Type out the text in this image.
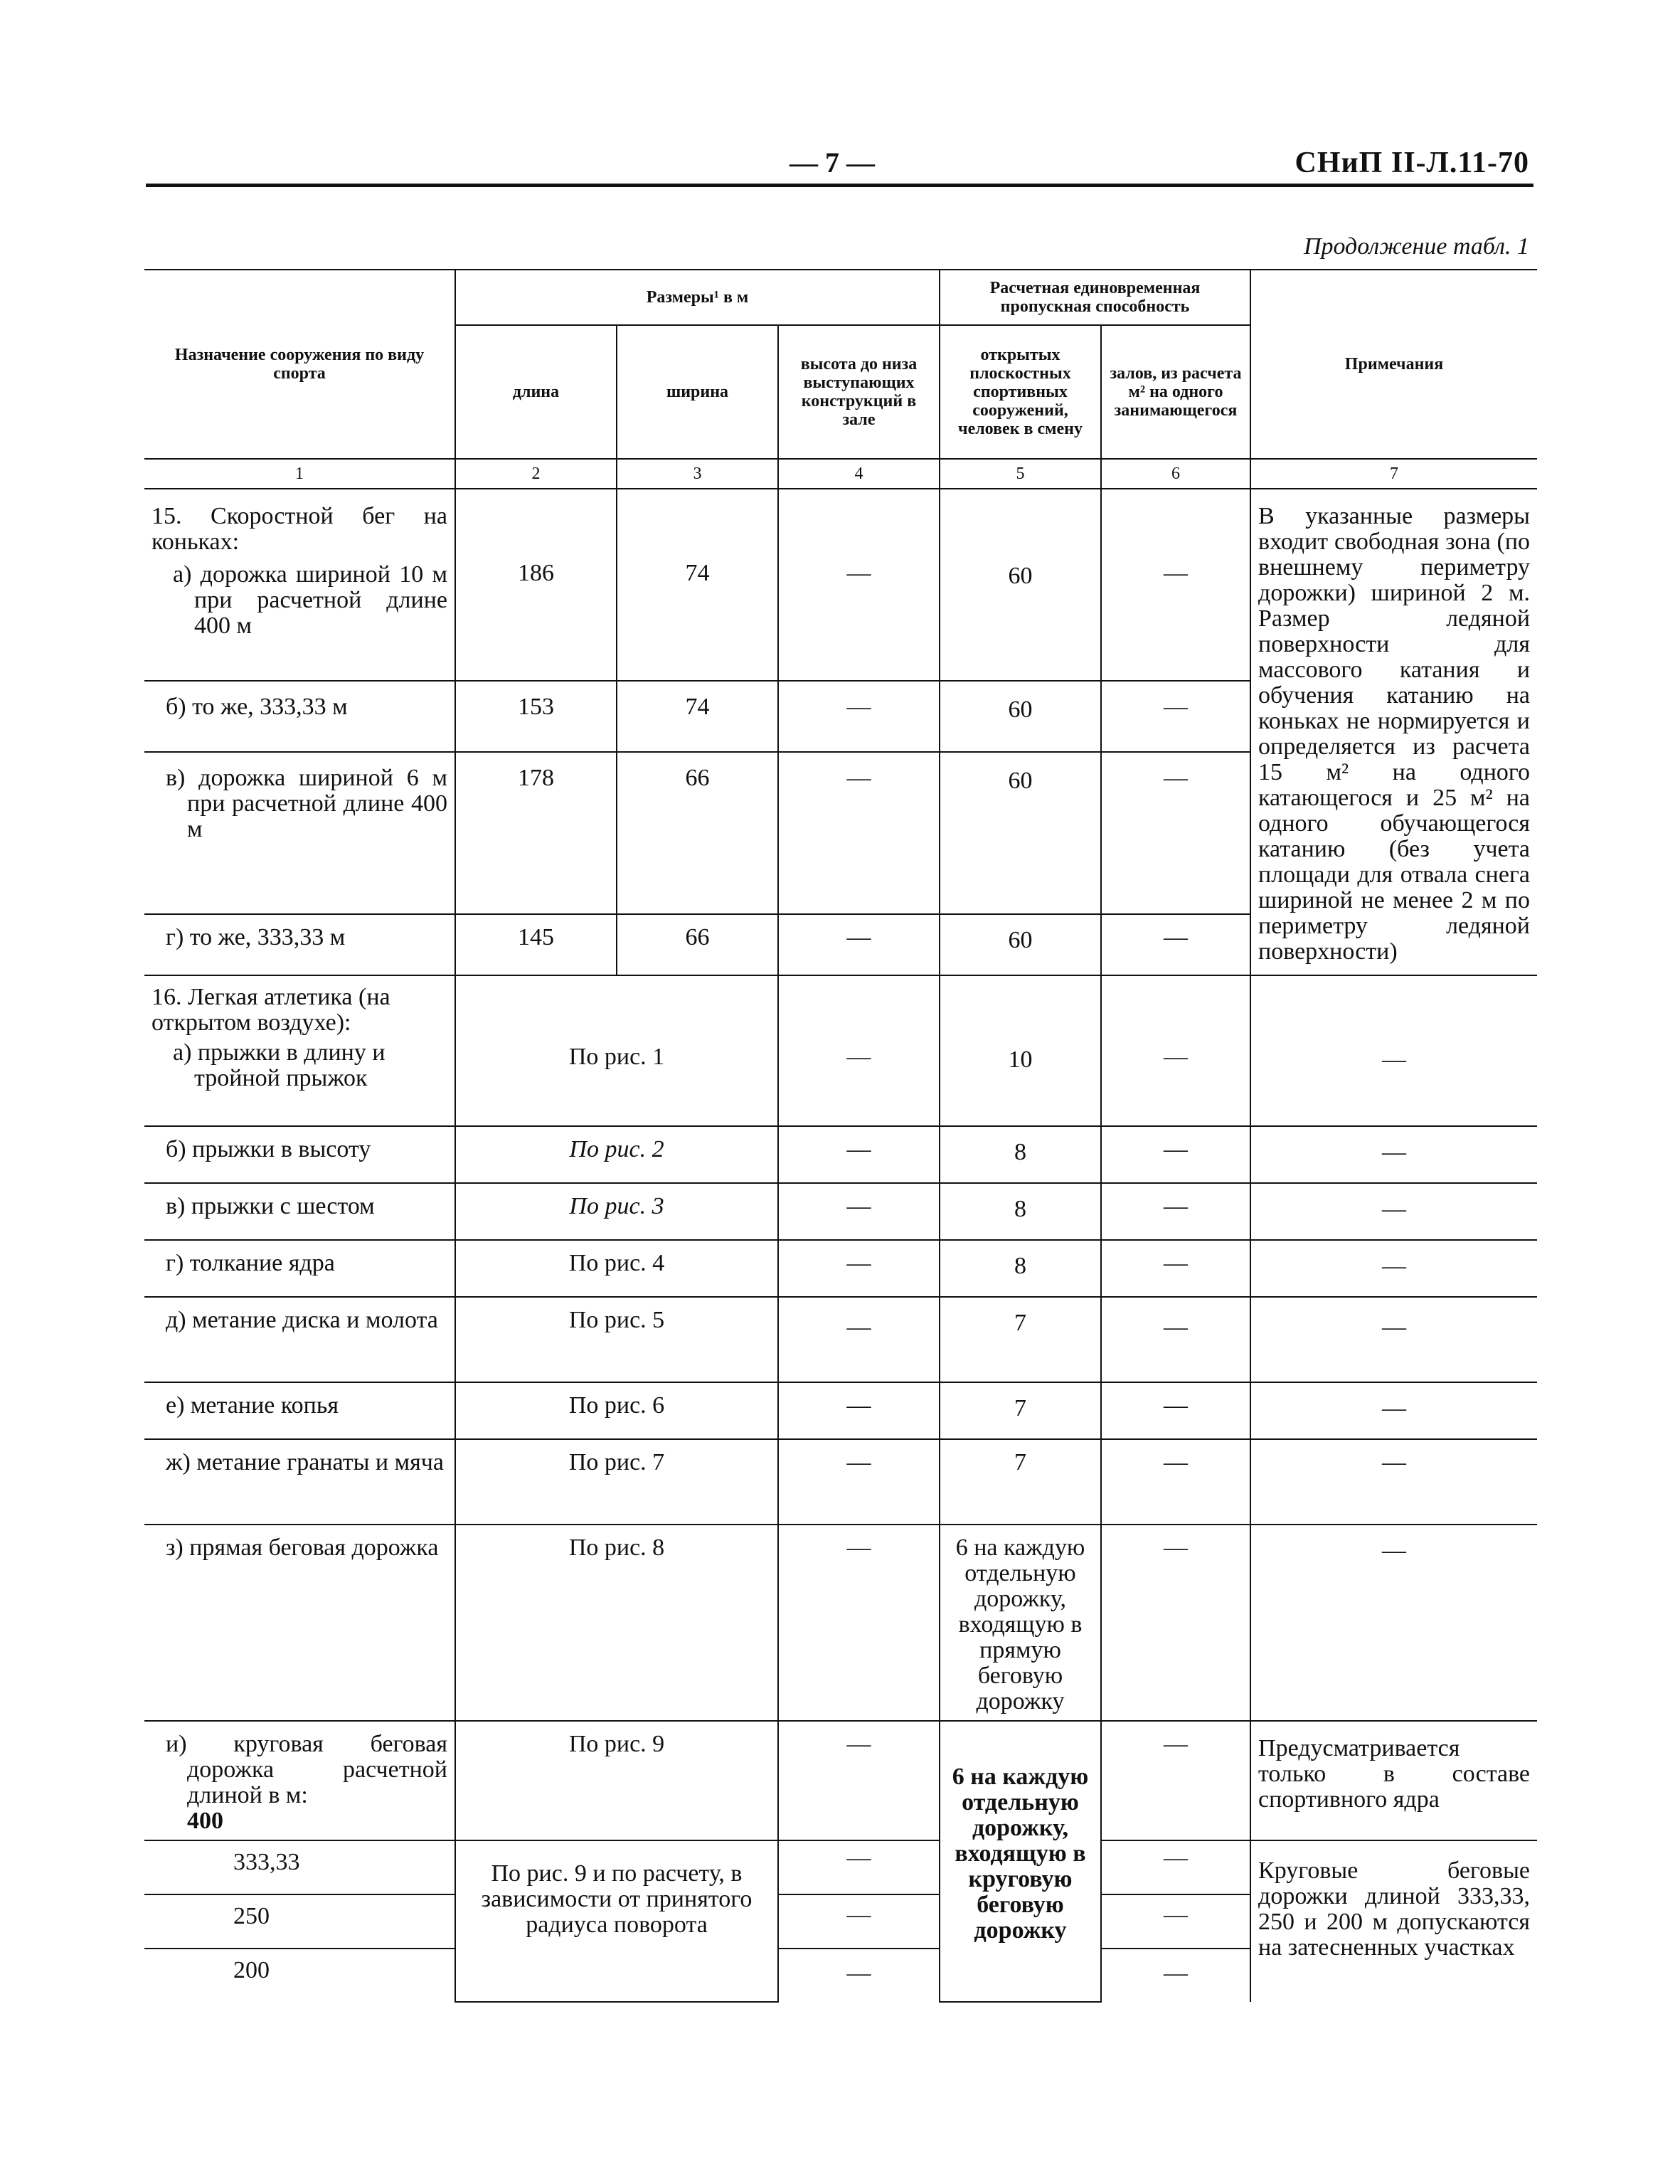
— 7 —	СНиП II-Л.11-70
Продолжение табл. 1
Назначение сооружения по виду спорта	Размеры¹ в м			Расчетная единовременная пропускная способность		Примечания
	длина	ширина	высота до низа выступающих конструкций в зале	открытых плоскостных спортивных сооружений, человек в смену	залов, из расчета м² на одного занимающегося	
1	2	3	4	5	6	7

15. Скоростной бег на коньках:
а) дорожка шириной 10 м при расчетной длине 400 м	186	74	—	60	—	В указанные размеры входит свободная зона (по внешнему периметру дорожки) шириной 2 м. Размер ледяной поверхности для массового катания и обучения катанию на коньках не нормируется и определяется из расчета 15 м² на одного катающегося и 25 м² на одного обучающегося катанию (без учета площади для отвала снега шириной не менее 2 м по периметру ледяной поверхности)
б) то же, 333,33 м	153	74	—	60	—	
в) дорожка шириной 6 м при расчетной длине 400 м	178	66	—	60	—	
г) то же, 333,33 м	145	66	—	60	—	

16. Легкая атлетика (на открытом воздухе):
а) прыжки в длину и тройной прыжок	По рис. 1		—	10	—	—
б) прыжки в высоту	По рис. 2		—	8	—	—
в) прыжки с шестом	По рис. 3		—	8	—	—
г) толкание ядра	По рис. 4		—	8	—	—
д) метание диска и молота	По рис. 5		—	7	—	—
е) метание копья	По рис. 6		—	7	—	—
ж) метание гранаты и мяча	По рис. 7		—	7	—	—
з) прямая беговая дорожка	По рис. 8		—	6 на каждую отдельную дорожку, входящую в прямую беговую дорожку	—	—
и) круговая беговая дорожка расчетной длиной в м:
400	По рис. 9		—	6 на каждую отдельную дорожку, входящую в круговую беговую дорожку	—	Предусматривается только в составе спортивного ядра
333,33	По рис. 9 и по расчету, в зависимости от принятого радиуса поворота		—		—	Круговые беговые дорожки длиной 333,33, 250 и 200 м допускаются на затесненных участках
250			—		—	
200			—		—	
